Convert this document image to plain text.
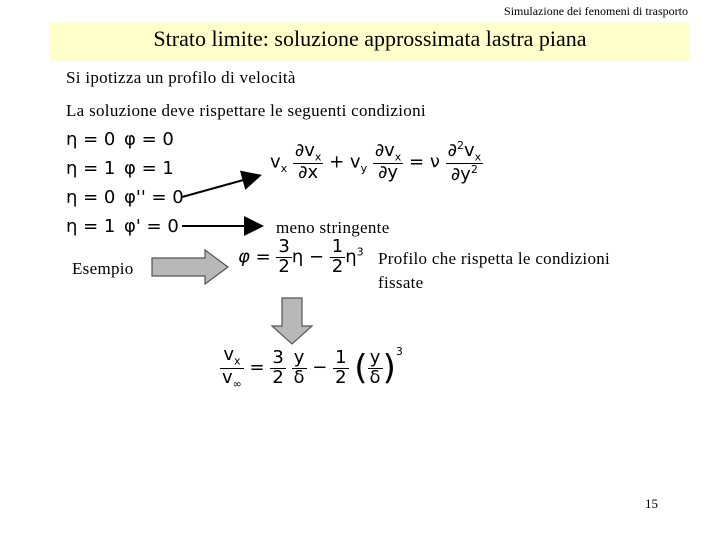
Simulazione dei fenomeni di trasporto
Strato limite: soluzione approssimata lastra piana
Si ipotizza un profilo di velocità
La soluzione deve rispettare le seguenti condizioni
η = 0 φ = 0
η = 1 φ = 1
η = 0 φ'' = 0
η = 1 φ' = 0
$v_x \frac{\partial v_x}{\partial x} + v_y \frac{\partial v_x}{\partial y} = \nu \frac{\partial^2v_x}{\partial y^2}$
meno stringente
Esempio
$\varphi = \frac{3}{2}$ $\eta - \frac{1}{2} \eta^3$ Profilo che rispetta le condizioni
fissate
$\frac{v_x}{v_\infty} = \frac{3}{2}$
$\frac{y}{\delta} - \frac{1}{2}$ ( $\frac{y}{\delta} )^3$
15
